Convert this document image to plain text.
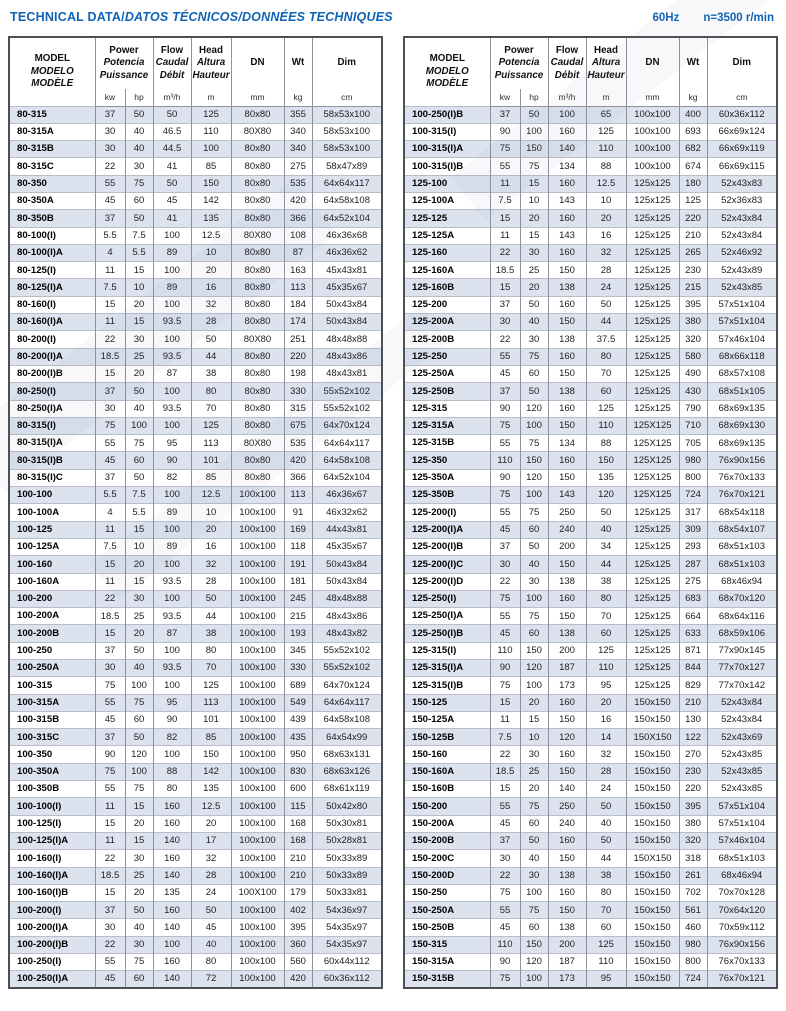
TECHNICAL DATA/DATOS TÉCNICOS/DONNÉES TECHNIQUES	60Hz n=3500 r/min
MODEL
MODELO
MODÈLE	Power
Potencia
Puissance		Flow
Caudal
Débit	Head
Altura
Hauteur	DN	Wt	Dim

	kw	hp	m³/h	m	mm	kg	cm
80-315	37	50	50	125	80x80	355	58x53x100
80-315A	30	40	46.5	110	80X80	340	58x53x100
80-315B	30	40	44.5	100	80x80	340	58x53x100
80-315C	22	30	41	85	80x80	275	58x47x89
80-350	55	75	50	150	80x80	535	64x64x117
80-350A	45	60	45	142	80x80	420	64x58x108
80-350B	37	50	41	135	80x80	366	64x52x104
80-100(I)	5.5	7.5	100	12.5	80X80	108	46x36x68
80-100(I)A	4	5.5	89	10	80x80	87	46x36x62
80-125(I)	11	15	100	20	80x80	163	45x43x81
80-125(I)A	7.5	10	89	16	80x80	113	45x35x67
80-160(I)	15	20	100	32	80x80	184	50x43x84
80-160(I)A	11	15	93.5	28	80x80	174	50x43x84
80-200(I)	22	30	100	50	80X80	251	48x48x88
80-200(I)A	18.5	25	93.5	44	80x80	220	48x43x86
80-200(I)B	15	20	87	38	80x80	198	48x43x81
80-250(I)	37	50	100	80	80x80	330	55x52x102
80-250(I)A	30	40	93.5	70	80x80	315	55x52x102
80-315(I)	75	100	100	125	80x80	675	64x70x124
80-315(I)A	55	75	95	113	80X80	535	64x64x117
80-315(I)B	45	60	90	101	80x80	420	64x58x108
80-315(I)C	37	50	82	85	80x80	366	64x52x104
100-100	5.5	7.5	100	12.5	100x100	113	46x36x67
100-100A	4	5.5	89	10	100x100	91	46x32x62
100-125	11	15	100	20	100x100	169	44x43x81
100-125A	7.5	10	89	16	100x100	118	45x35x67
100-160	15	20	100	32	100x100	191	50x43x84
100-160A	11	15	93.5	28	100x100	181	50x43x84
100-200	22	30	100	50	100x100	245	48x48x88
100-200A	18.5	25	93.5	44	100x100	215	48x43x86
100-200B	15	20	87	38	100x100	193	48x43x82
100-250	37	50	100	80	100x100	345	55x52x102
100-250A	30	40	93.5	70	100x100	330	55x52x102
100-315	75	100	100	125	100x100	689	64x70x124
100-315A	55	75	95	113	100x100	549	64x64x117
100-315B	45	60	90	101	100x100	439	64x58x108
100-315C	37	50	82	85	100x100	435	64x54x99
100-350	90	120	100	150	100x100	950	68x63x131
100-350A	75	100	88	142	100x100	830	68x63x126
100-350B	55	75	80	135	100x100	600	68x61x119
100-100(I)	11	15	160	12.5	100x100	115	50x42x80
100-125(I)	15	20	160	20	100x100	168	50x30x81
100-125(I)A	11	15	140	17	100x100	168	50x28x81
100-160(I)	22	30	160	32	100x100	210	50x33x89
100-160(I)A	18.5	25	140	28	100x100	210	50x33x89
100-160(I)B	15	20	135	24	100X100	179	50x33x81
100-200(I)	37	50	160	50	100x100	402	54x36x97
100-200(I)A	30	40	140	45	100x100	395	54x35x97
100-200(I)B	22	30	100	40	100x100	360	54x35x97
100-250(I)	55	75	160	80	100x100	560	60x44x112
100-250(I)A	45	60	140	72	100x100	420	60x36x112
MODEL
MODELO
MODÈLE	Power
Potencia
Puissance		Flow
Caudal
Débit	Head
Altura
Hauteur	DN	Wt	Dim

	kw	hp	m³/h	m	mm	kg	cm
100-250(I)B	37	50	100	65	100x100	400	60x36x112
100-315(I)	90	100	160	125	100x100	693	66x69x124
100-315(I)A	75	150	140	110	100x100	682	66x69x119
100-315(I)B	55	75	134	88	100x100	674	66x69x115
125-100	11	15	160	12.5	125x125	180	52x43x83
125-100A	7.5	10	143	10	125x125	125	52x36x83
125-125	15	20	160	20	125x125	220	52x43x84
125-125A	11	15	143	16	125x125	210	52x43x84
125-160	22	30	160	32	125x125	265	52x46x92
125-160A	18.5	25	150	28	125x125	230	52x43x89
125-160B	15	20	138	24	125x125	215	52x43x85
125-200	37	50	160	50	125x125	395	57x51x104
125-200A	30	40	150	44	125x125	380	57x51x104
125-200B	22	30	138	37.5	125x125	320	57x46x104
125-250	55	75	160	80	125x125	580	68x66x118
125-250A	45	60	150	70	125x125	490	68x57x108
125-250B	37	50	138	60	125x125	430	68x51x105
125-315	90	120	160	125	125x125	790	68x69x135
125-315A	75	100	150	110	125X125	710	68x69x130
125-315B	55	75	134	88	125X125	705	68x69x135
125-350	110	150	160	150	125X125	980	76x90x156
125-350A	90	120	150	135	125X125	800	76x70x133
125-350B	75	100	143	120	125X125	724	76x70x121
125-200(I)	55	75	250	50	125x125	317	68x54x118
125-200(I)A	45	60	240	40	125x125	309	68x54x107
125-200(I)B	37	50	200	34	125x125	293	68x51x103
125-200(I)C	30	40	150	44	125x125	287	68x51x103
125-200(I)D	22	30	138	38	125x125	275	68x46x94
125-250(I)	75	100	160	80	125x125	683	68x70x120
125-250(I)A	55	75	150	70	125x125	664	68x64x116
125-250(I)B	45	60	138	60	125x125	633	68x59x106
125-315(I)	110	150	200	125	125x125	871	77x90x145
125-315(I)A	90	120	187	110	125x125	844	77x70x127
125-315(I)B	75	100	173	95	125x125	829	77x70x142
150-125	15	20	160	20	150x150	210	52x43x84
150-125A	11	15	150	16	150x150	130	52x43x84
150-125B	7.5	10	120	14	150X150	122	52x43x69
150-160	22	30	160	32	150x150	270	52x43x85
150-160A	18.5	25	150	28	150x150	230	52x43x85
150-160B	15	20	140	24	150x150	220	52x43x85
150-200	55	75	250	50	150x150	395	57x51x104
150-200A	45	60	240	40	150x150	380	57x51x104
150-200B	37	50	160	50	150x150	320	57x46x104
150-200C	30	40	150	44	150X150	318	68x51x103
150-200D	22	30	138	38	150x150	261	68x46x94
150-250	75	100	160	80	150x150	702	70x70x128
150-250A	55	75	150	70	150x150	561	70x64x120
150-250B	45	60	138	60	150x150	460	70x59x112
150-315	110	150	200	125	150x150	980	76x90x156
150-315A	90	120	187	110	150x150	800	76x70x133
150-315B	75	100	173	95	150x150	724	76x70x121
